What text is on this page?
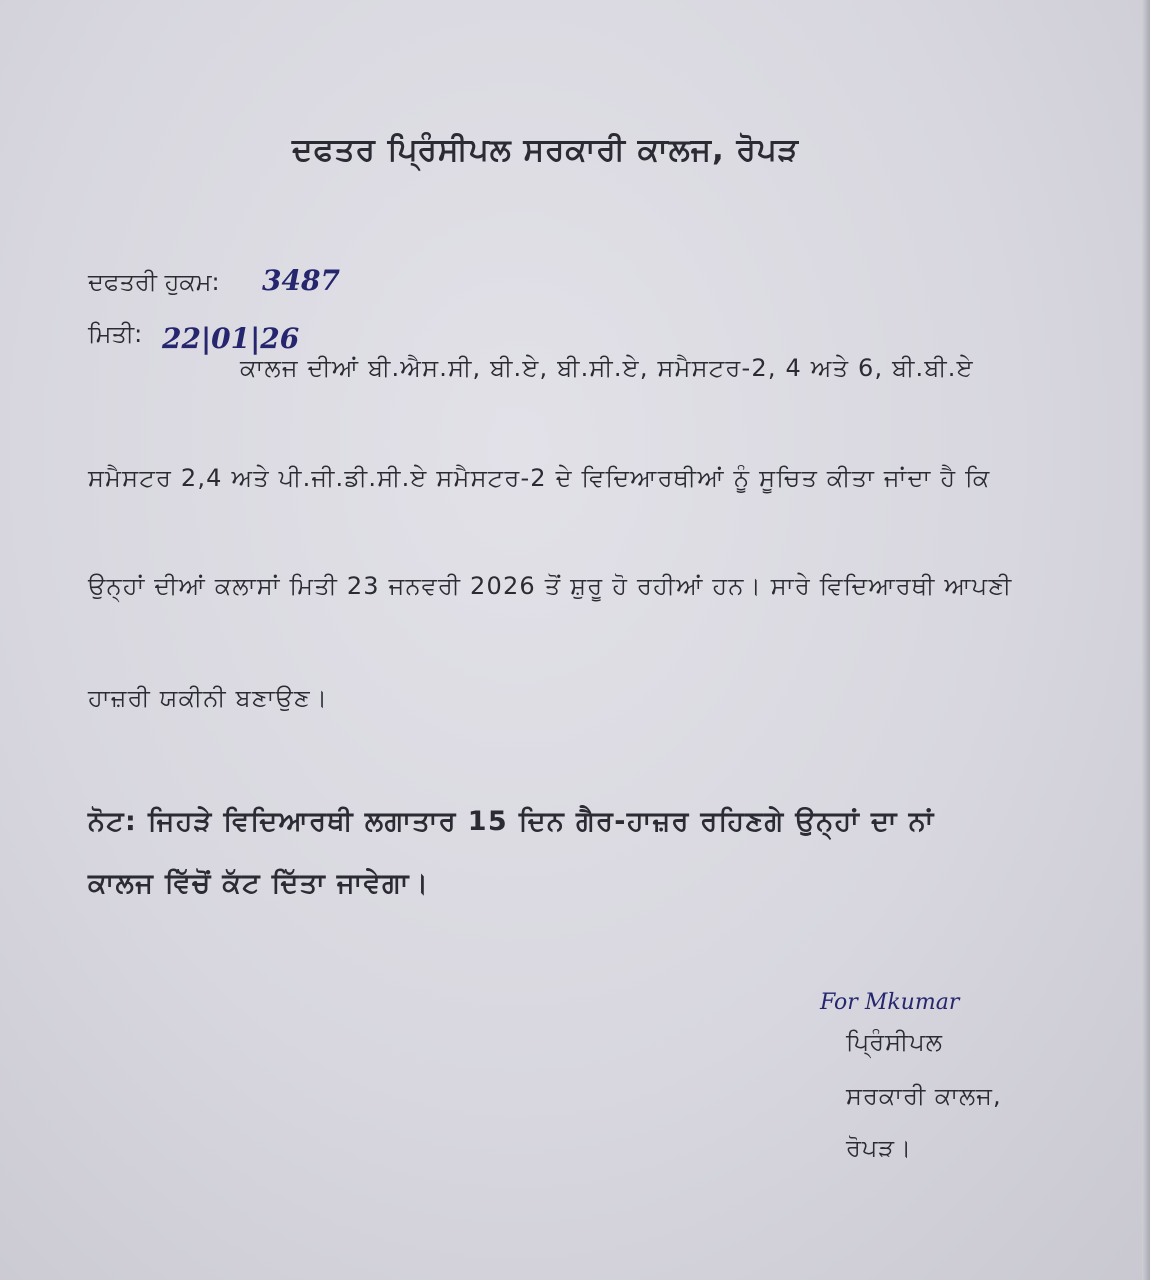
ਦਫਤਰ ਪ੍ਰਿੰਸੀਪਲ ਸਰਕਾਰੀ ਕਾਲਜ, ਰੋਪੜ
ਦਫਤਰੀ ਹੁਕਮ: 3487
ਮਿਤੀ: 22|01|26
ਕਾਲਜ ਦੀਆਂ ਬੀ.ਐਸ.ਸੀ, ਬੀ.ਏ, ਬੀ.ਸੀ.ਏ, ਸਮੈਸਟਰ-2, 4 ਅਤੇ 6, ਬੀ.ਬੀ.ਏ
ਸਮੈਸਟਰ 2,4 ਅਤੇ ਪੀ.ਜੀ.ਡੀ.ਸੀ.ਏ ਸਮੈਸਟਰ-2 ਦੇ ਵਿਦਿਆਰਥੀਆਂ ਨੂੰ ਸੂਚਿਤ ਕੀਤਾ ਜਾਂਦਾ ਹੈ ਕਿ
ਉਨ੍ਹਾਂ ਦੀਆਂ ਕਲਾਸਾਂ ਮਿਤੀ 23 ਜਨਵਰੀ 2026 ਤੋਂ ਸ਼ੁਰੂ ਹੋ ਰਹੀਆਂ ਹਨ। ਸਾਰੇ ਵਿਦਿਆਰਥੀ ਆਪਣੀ
ਹਾਜ਼ਰੀ ਯਕੀਨੀ ਬਣਾਉਣ।
ਨੋਟ: ਜਿਹੜੇ ਵਿਦਿਆਰਥੀ ਲਗਾਤਾਰ 15 ਦਿਨ ਗੈਰ-ਹਾਜ਼ਰ ਰਹਿਣਗੇ ਉਨ੍ਹਾਂ ਦਾ ਨਾਂ
ਕਾਲਜ ਵਿੱਚੋਂ ਕੱਟ ਦਿੱਤਾ ਜਾਵੇਗਾ।
For Mkumar
ਪ੍ਰਿੰਸੀਪਲ
ਸਰਕਾਰੀ ਕਾਲਜ,
ਰੋਪੜ।
